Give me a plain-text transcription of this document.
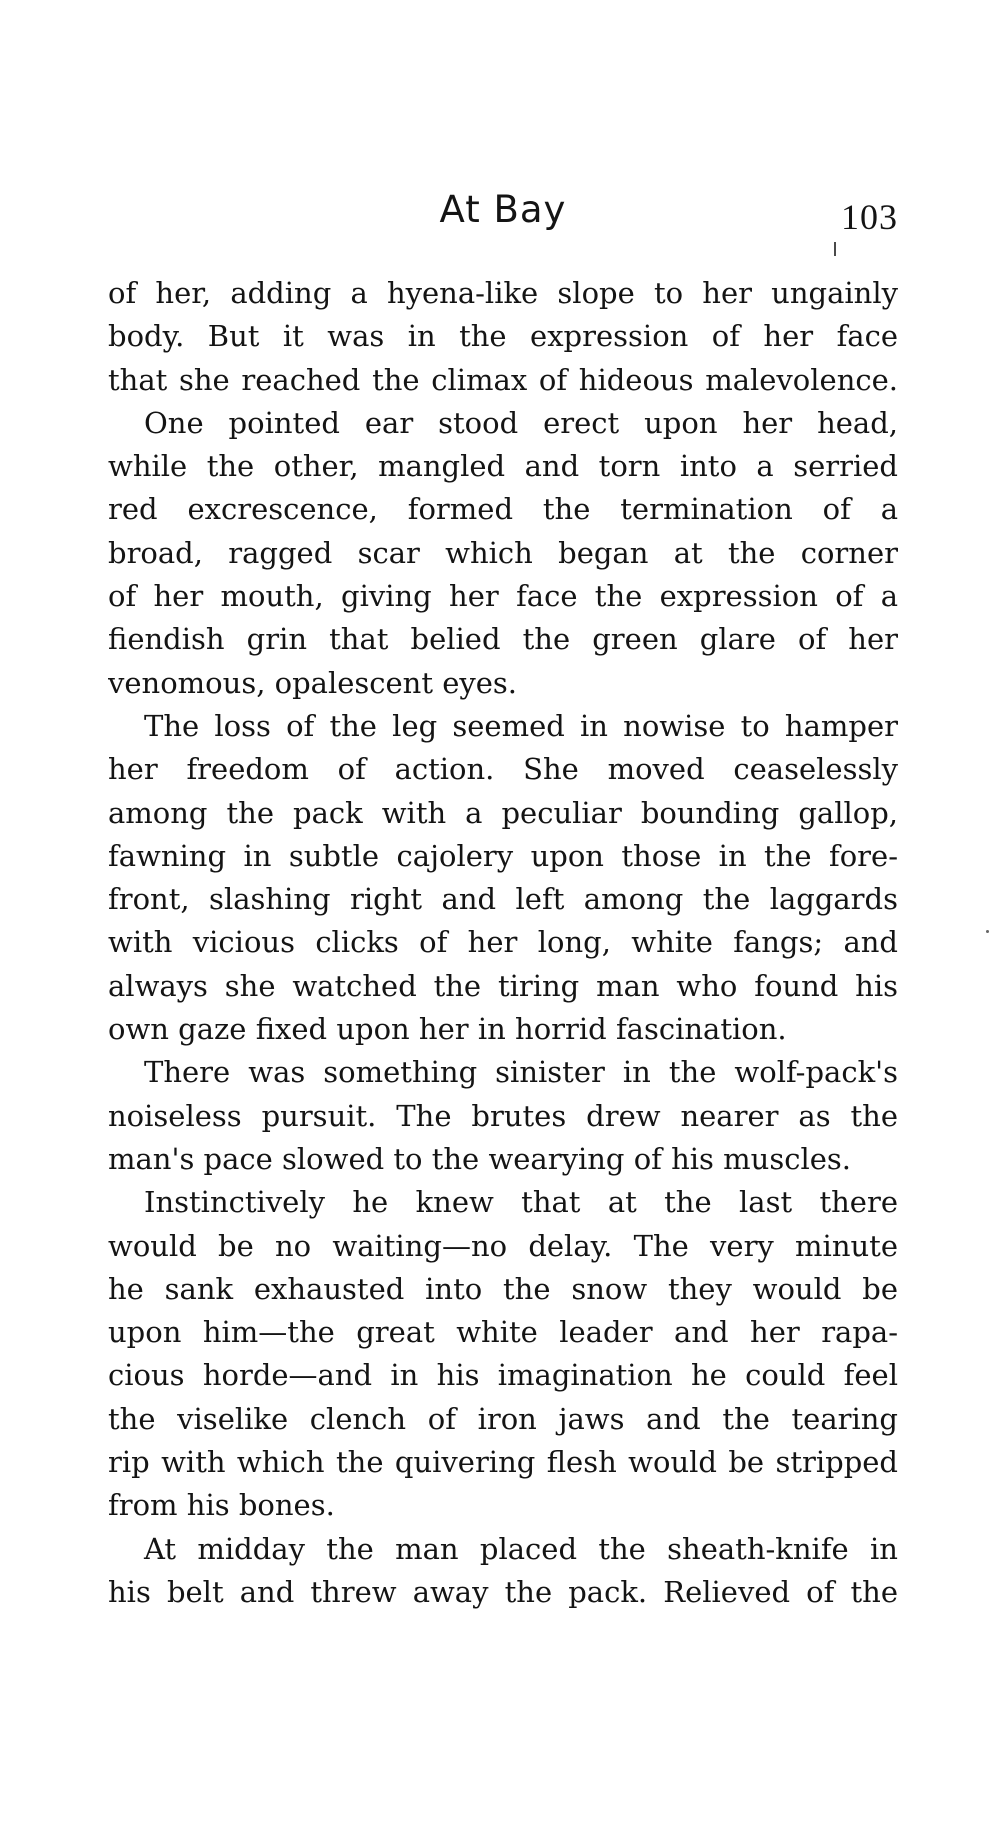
At Bay	103
of her, adding a hyena-like slope to her ungainly
body. But it was in the expression of her face
that she reached the climax of hideous malevolence.
One pointed ear stood erect upon her head,
while the other, mangled and torn into a serried
red excrescence, formed the termination of a
broad, ragged scar which began at the corner
of her mouth, giving her face the expression of a
fiendish grin that belied the green glare of her
venomous, opalescent eyes.
The loss of the leg seemed in nowise to hamper
her freedom of action. She moved ceaselessly
among the pack with a peculiar bounding gallop,
fawning in subtle cajolery upon those in the fore-
front, slashing right and left among the laggards
with vicious clicks of her long, white fangs; and
always she watched the tiring man who found his
own gaze fixed upon her in horrid fascination.
There was something sinister in the wolf-pack's
noiseless pursuit. The brutes drew nearer as the
man's pace slowed to the wearying of his muscles.
Instinctively he knew that at the last there
would be no waiting—no delay. The very minute
he sank exhausted into the snow they would be
upon him—the great white leader and her rapa-
cious horde—and in his imagination he could feel
the viselike clench of iron jaws and the tearing
rip with which the quivering flesh would be stripped
from his bones.
At midday the man placed the sheath-knife in
his belt and threw away the pack. Relieved of the
